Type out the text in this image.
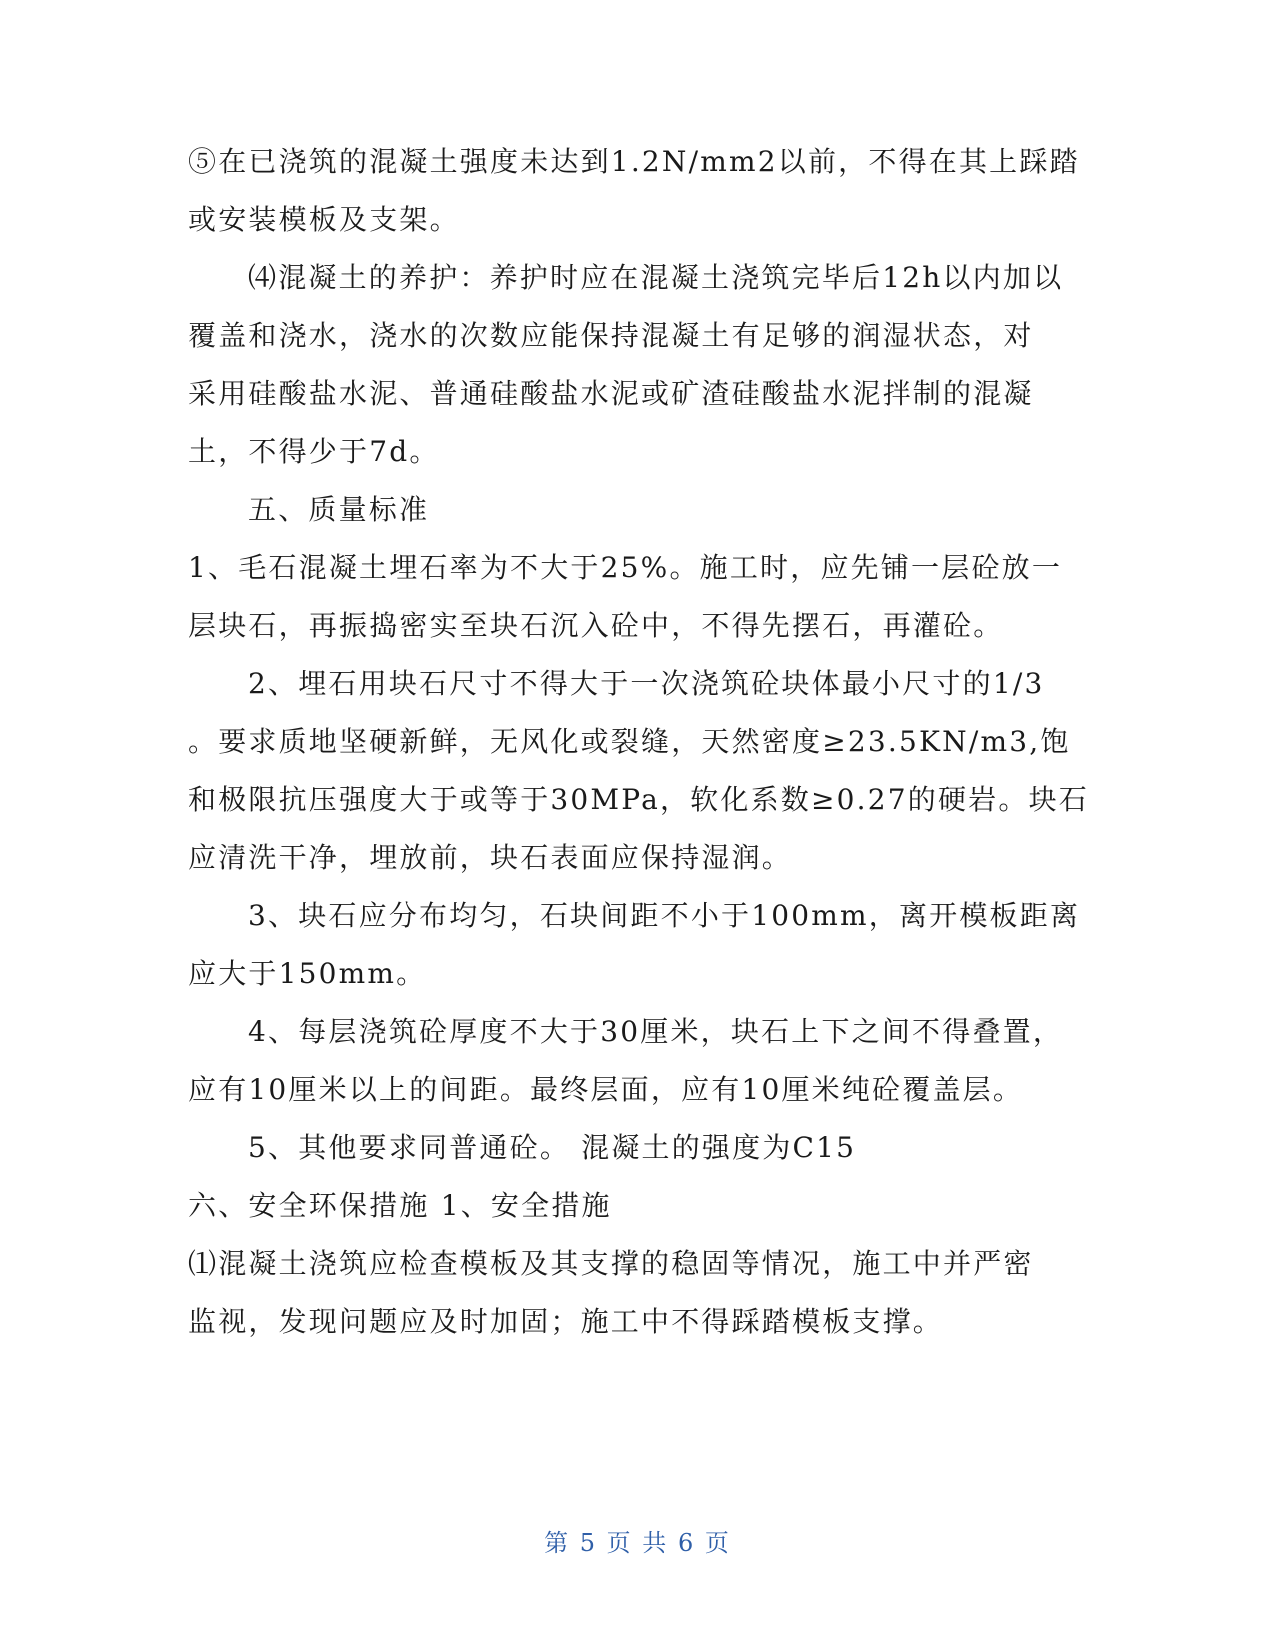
⑤在已浇筑的混凝土强度未达到1.2N/mm2以前，不得在其上踩踏
或安装模板及支架。
⑷混凝土的养护：养护时应在混凝土浇筑完毕后12h以内加以
覆盖和浇水，浇水的次数应能保持混凝土有足够的润湿状态，对
采用硅酸盐水泥、普通硅酸盐水泥或矿渣硅酸盐水泥拌制的混凝
土，不得少于7d。
五、质量标准
1、毛石混凝土埋石率为不大于25%。施工时，应先铺一层砼放一
层块石，再振捣密实至块石沉入砼中，不得先摆石，再灌砼。
2、埋石用块石尺寸不得大于一次浇筑砼块体最小尺寸的1/3
。要求质地坚硬新鲜，无风化或裂缝，天然密度≥23.5KN/m3,饱
和极限抗压强度大于或等于30MPa，软化系数≥0.27的硬岩。块石
应清洗干净，埋放前，块石表面应保持湿润。
3、块石应分布均匀，石块间距不小于100mm，离开模板距离
应大于150mm。
4、每层浇筑砼厚度不大于30厘米，块石上下之间不得叠置，
应有10厘米以上的间距。最终层面，应有10厘米纯砼覆盖层。
5、其他要求同普通砼。 混凝土的强度为C15
六、安全环保措施 1、安全措施
⑴混凝土浇筑应检查模板及其支撑的稳固等情况，施工中并严密
监视，发现问题应及时加固；施工中不得踩踏模板支撑。
第 5 页 共 6 页
